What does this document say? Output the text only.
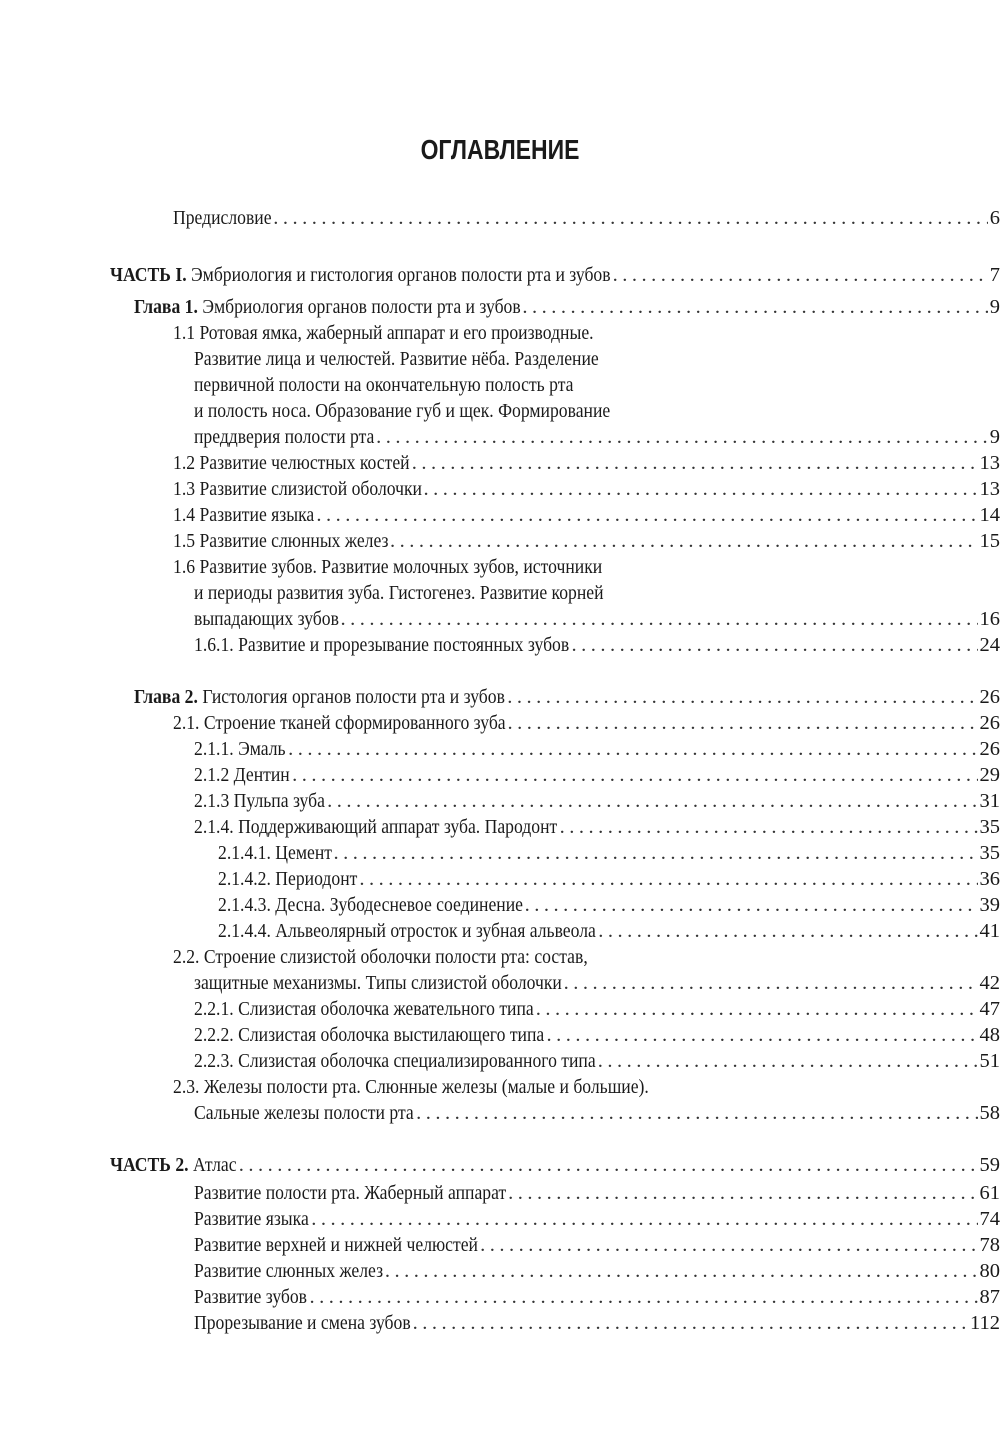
ОГЛАВЛЕНИЕ
Предисловие .....	6
ЧАСТЬ I. Эмбриология и гистология органов полости рта и зубов .....	7
Глава 1. Эмбриология органов полости рта и зубов .....	9
1.1 Ротовая ямка, жаберный аппарат и его производные.
Развитие лица и челюстей. Развитие нёба. Разделение
первичной полости на окончательную полость рта
и полость носа. Образование губ и щек. Формирование
преддверия полости рта .....	9
1.2 Развитие челюстных костей .....	13
1.3 Развитие слизистой оболочки .....	13
1.4 Развитие языка .....	14
1.5 Развитие слюнных желез .....	15
1.6 Развитие зубов. Развитие молочных зубов, источники
и периоды развития зуба. Гистогенез. Развитие корней
выпадающих зубов .....	16
1.6.1. Развитие и прорезывание постоянных зубов .....	24
Глава 2. Гистология органов полости рта и зубов .....	26
2.1. Строение тканей сформированного зуба .....	26
2.1.1. Эмаль .....	26
2.1.2 Дентин .....	29
2.1.3 Пульпа зуба .....	31
2.1.4. Поддерживающий аппарат зуба. Пародонт .....	35
2.1.4.1. Цемент .....	35
2.1.4.2. Периодонт .....	36
2.1.4.3. Десна. Зубодесневое соединение .....	39
2.1.4.4. Альвеолярный отросток и зубная альвеола .....	41
2.2. Строение слизистой оболочки полости рта: состав,
защитные механизмы. Типы слизистой оболочки .....	42
2.2.1. Слизистая оболочка жевательного типа .....	47
2.2.2. Слизистая оболочка выстилающего типа .....	48
2.2.3. Слизистая оболочка специализированного типа .....	51
2.3. Железы полости рта. Слюнные железы (малые и большие).
Сальные железы полости рта .....	58
ЧАСТЬ 2. Атлас .....	59
Развитие полости рта. Жаберный аппарат .....	61
Развитие языка .....	74
Развитие верхней и нижней челюстей .....	78
Развитие слюнных желез .....	80
Развитие зубов .....	87
Прорезывание и смена зубов .....	112
